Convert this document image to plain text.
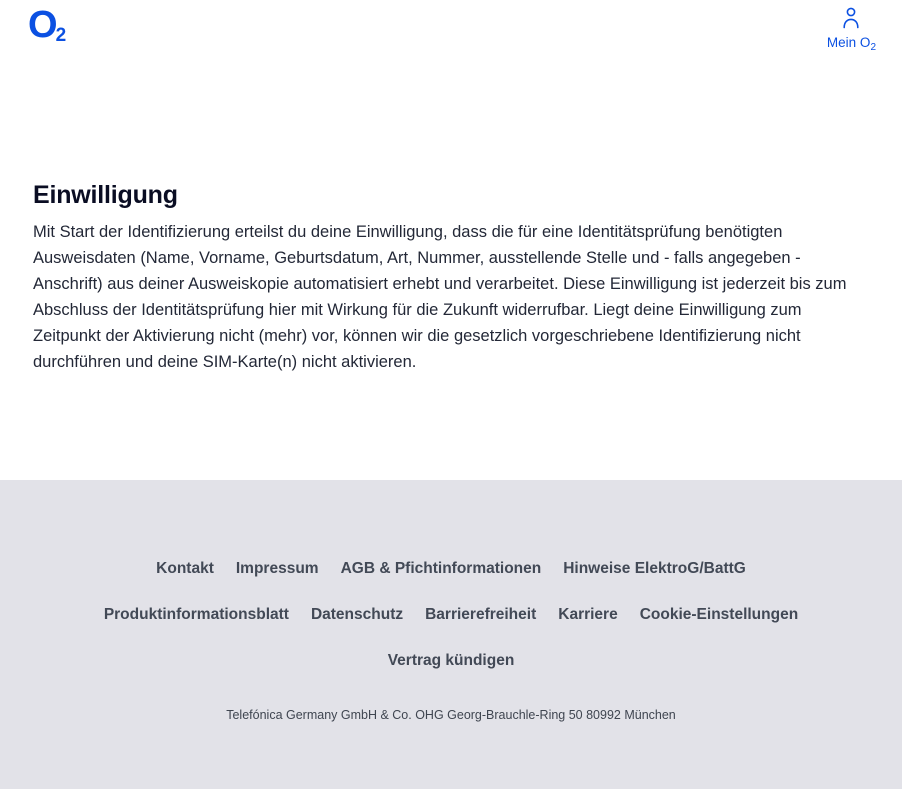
O 2	Mein $O_2$
Einwilligung

Mit Start der Identifizierung erteilst du deine Einwilligung, dass die für eine Identitätsprüfung benötigten Ausweisdaten (Name, Vorname, Geburtsdatum, Art, Nummer, ausstellende Stelle und - falls angegeben - Anschrift) aus deiner Ausweiskopie automatisiert erhebt und verarbeitet. Diese Einwilligung ist jederzeit bis zum Abschluss der Identitätsprüfung hier mit Wirkung für die Zukunft widerrufbar. Liegt deine Einwilligung zum Zeitpunkt der Aktivierung nicht (mehr) vor, können wir die gesetzlich vorgeschriebene Identifizierung nicht durchführen und deine SIM-Karte(n) nicht aktivieren.

Kontakt Impressum AGB & Pfichtinformationen Hinweise ElektroG/BattG
Produktinformationsblatt Datenschutz Barrierefreiheit Karriere Cookie-Einstellungen
Vertrag kündigen
Telefónica Germany GmbH & Co. OHG Georg-Brauchle-Ring 50 80992 München
